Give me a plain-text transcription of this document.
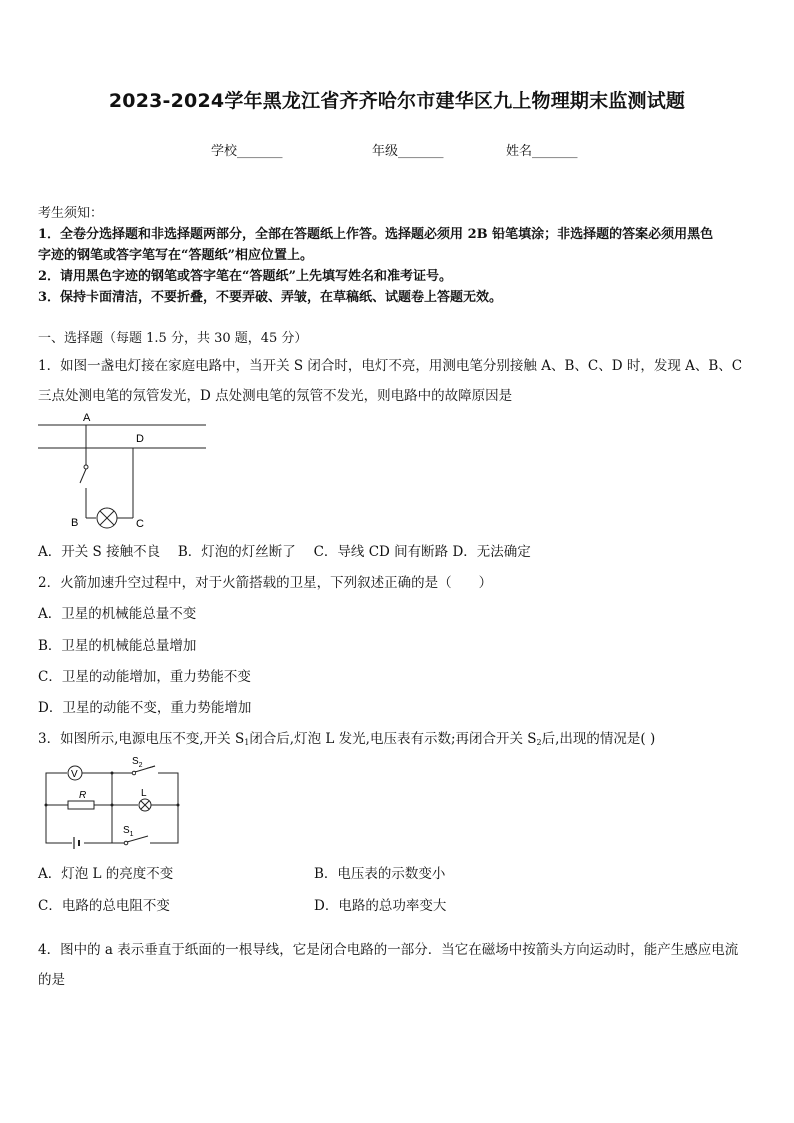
2023-2024学年黑龙江省齐齐哈尔市建华区九上物理期末监测试题
学校_______	年级_______	姓名_______
考生须知：
1．全卷分选择题和非选择题两部分，全部在答题纸上作答。选择题必须用 2B 铅笔填涂；非选择题的答案必须用黑色
字迹的钢笔或答字笔写在“答题纸”相应位置上。
2．请用黑色字迹的钢笔或答字笔在“答题纸”上先填写姓名和准考证号。
3．保持卡面清洁，不要折叠，不要弄破、弄皱，在草稿纸、试题卷上答题无效。
一、选择题（每题 1.5 分，共 30 题，45 分）
1．如图一盏电灯接在家庭电路中，当开关 S 闭合时，电灯不亮，用测电笔分别接触 A、B、C、D 时，发现 A、B、C
三点处测电笔的氖管发光，D 点处测电笔的氖管不发光，则电路中的故障原因是
A
D
B	C
A．开关 S 接触不良　 B．灯泡的灯丝断了　 C．导线 CD 间有断路 D．无法确定
2．火箭加速升空过程中，对于火箭搭载的卫星，下列叙述正确的是（　　）
A．卫星的机械能总量不变
B．卫星的机械能总量增加
C．卫星的动能增加，重力势能不变
D．卫星的动能不变，重力势能增加
3．如图所示,电源电压不变,开关 $S_1$闭合后,灯泡 L 发光,电压表有示数;再闭合开关 $S_2$后,出现的情况是( )
V
$S_2$
R	L
$S_1$
A．灯泡 L 的亮度不变	B．电压表的示数变小
C．电路的总电阻不变	D．电路的总功率变大
4．图中的 a 表示垂直于纸面的一根导线，它是闭合电路的一部分．当它在磁场中按箭头方向运动时，能产生感应电流
的是
